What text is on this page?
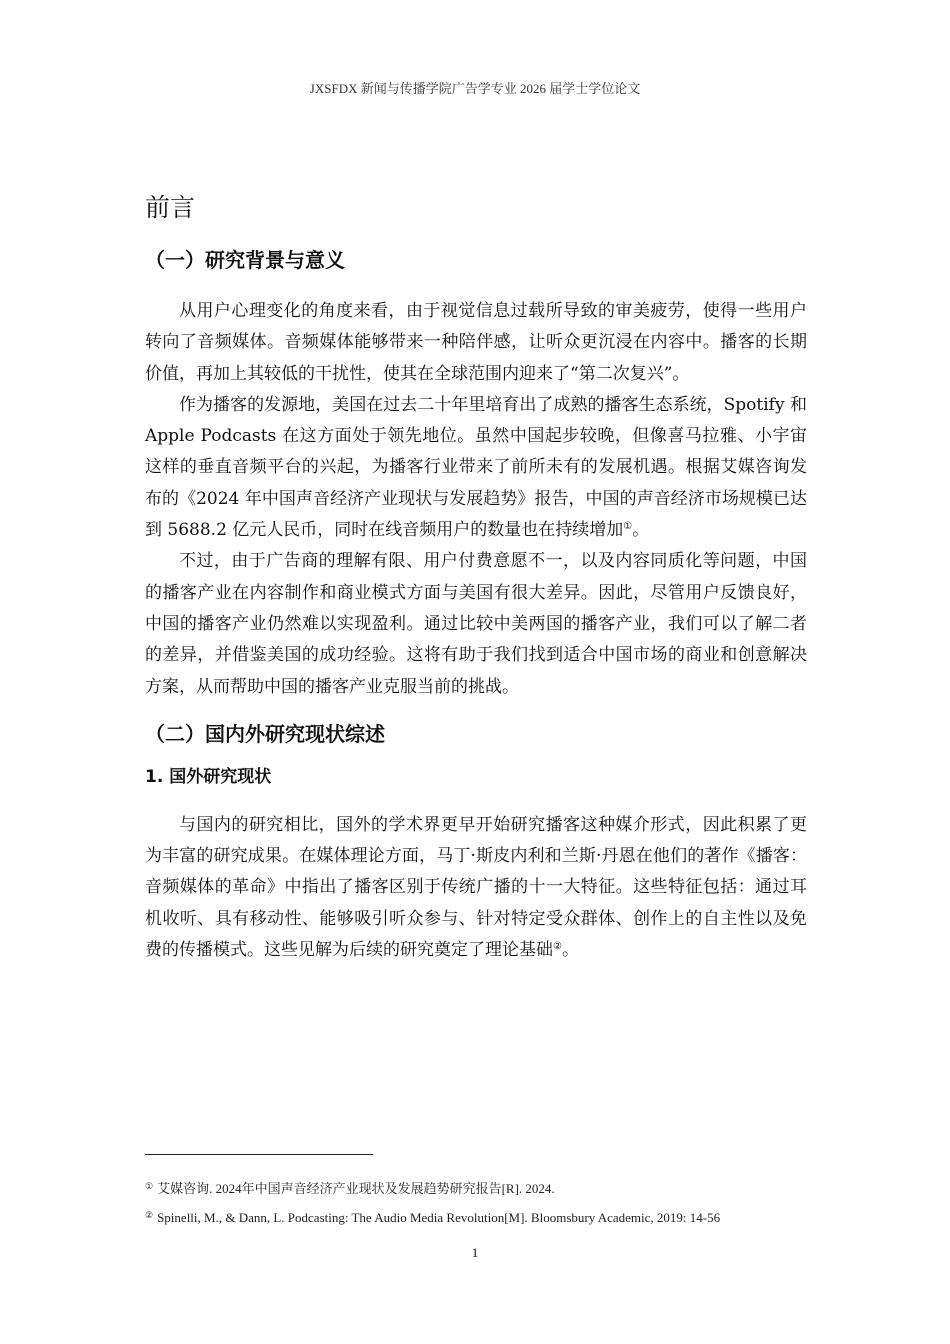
JXSFDX 新闻与传播学院广告学专业 2026 届学士学位论文
前言
（一）研究背景与意义

从用户心理变化的角度来看，由于视觉信息过载所导致的审美疲劳，使得一些用户转向了音频媒体。音频媒体能够带来一种陪伴感，让听众更沉浸在内容中。播客的长期价值，再加上其较低的干扰性，使其在全球范围内迎来了“第二次复兴”。

作为播客的发源地，美国在过去二十年里培育出了成熟的播客生态系统，Spotify 和 Apple Podcasts 在这方面处于领先地位。虽然中国起步较晚，但像喜马拉雅、小宇宙这样的垂直音频平台的兴起，为播客行业带来了前所未有的发展机遇。根据艾媒咨询发布的《2024 年中国声音经济产业现状与发展趋势》报告，中国的声音经济市场规模已达到 5688.2 亿元人民币，同时在线音频用户的数量也在持续增加①。

不过，由于广告商的理解有限、用户付费意愿不一，以及内容同质化等问题，中国的播客产业在内容制作和商业模式方面与美国有很大差异。因此，尽管用户反馈良好，中国的播客产业仍然难以实现盈利。通过比较中美两国的播客产业，我们可以了解二者的差异，并借鉴美国的成功经验。这将有助于我们找到适合中国市场的商业和创意解决方案，从而帮助中国的播客产业克服当前的挑战。

（二）国内外研究现状综述
1. 国外研究现状

与国内的研究相比，国外的学术界更早开始研究播客这种媒介形式，因此积累了更为丰富的研究成果。在媒体理论方面，马丁·斯皮内利和兰斯·丹恩在他们的著作《播客：音频媒体的革命》中指出了播客区别于传统广播的十一大特征。这些特征包括：通过耳机收听、具有移动性、能够吸引听众参与、针对特定受众群体、创作上的自主性以及免费的传播模式。这些见解为后续的研究奠定了理论基础②。

① 艾媒咨询. 2024年中国声音经济产业现状及发展趋势研究报告[R]. 2024.
② Spinelli, M., & Dann, L. Podcasting: The Audio Media Revolution[M]. Bloomsbury Academic, 2019: 14-56
1
